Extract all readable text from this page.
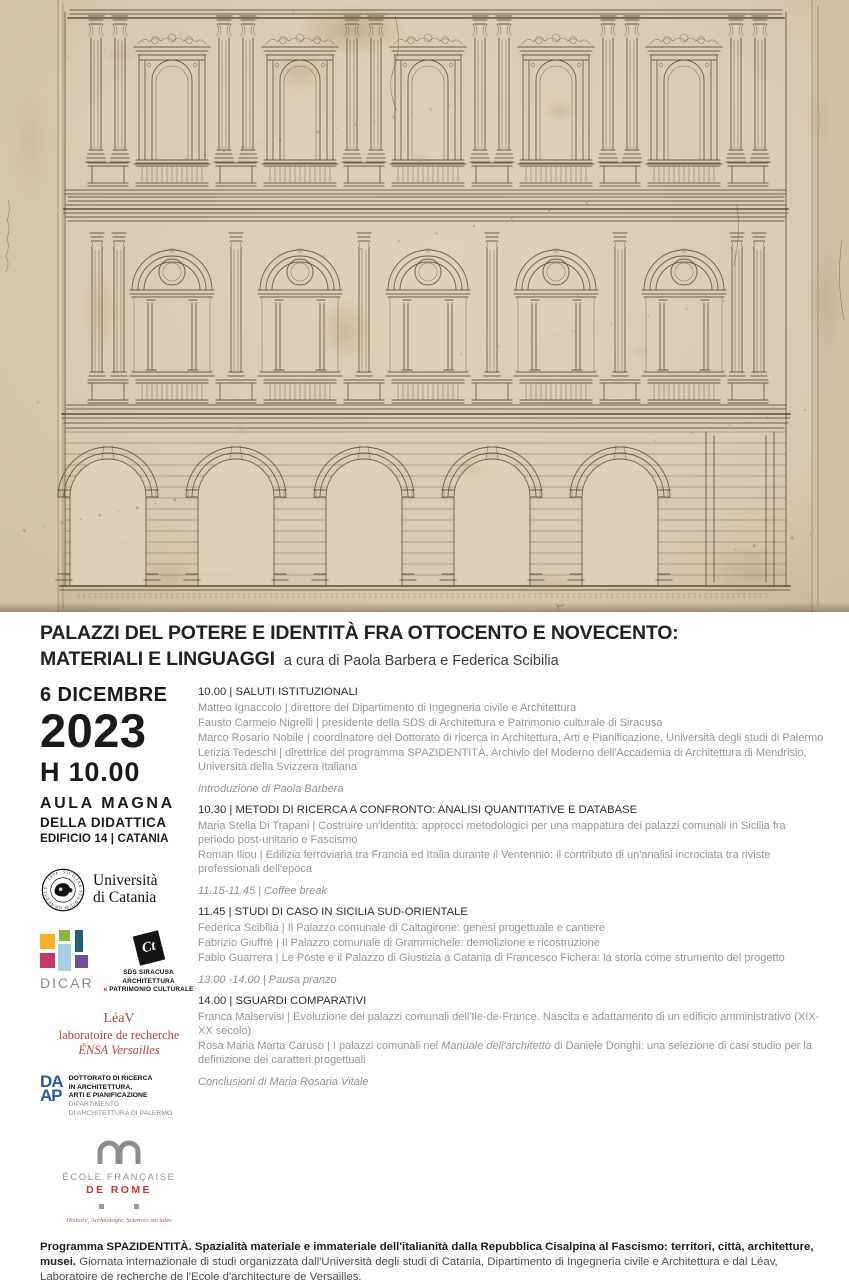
PALAZZI DEL POTERE E IDENTITÀ FRA OTTOCENTO E NOVECENTO:
MATERIALI E LINGUAGGI a cura di Paola Barbera e Federica Scibilia
6 DICEMBRE
2023
H 10.00
AULA MAGNA
DELLA DIDATTICA
EDIFICIO 14 | CATANIA
SICILIAE STUDIUM GENERALE · 1434 ·
Università
di Catania
DICAR
Ct
SDS SIRACUSA
ARCHITETTURA
e PATRIMONIO CULTURALE
LéaV
laboratoire de recherche
ÉNSA Versailles
DA
AP
DOTTORATO DI RICERCA
IN ARCHITETTURA,
ARTI E PIANIFICAZIONE
DIPARTIMENTO
DI ARCHITETTURA DI PALERMO
ÉCOLE FRANÇAISE
DE ROME
Histoire, Archéologie, Sciences sociales
10.00 | SALUTI ISTITUZIONALI
Matteo Ignaccolo | direttore del Dipartimento di Ingegneria civile e Architettura
Fausto Carmelo Nigrelli | presidente della SDS di Architettura e Patrimonio culturale di Siracusa
Marco Rosario Nobile | coordinatore del Dottorato di ricerca in Architettura, Arti e Pianificazione, Università degli studi di Palermo
Letizia Tedeschi | direttrice del programma SPAZIDENTITÀ, Archivio del Moderno dell'Accademia di Architettura di Mendrisio, Università della Svizzera Italiana
Introduzione di Paola Barbera
10.30 | METODI DI RICERCA A CONFRONTO: ANALISI QUANTITATIVE E DATABASE
Maria Stella Di Trapani | Costruire un'identità: approcci metodologici per una mappatura dei palazzi comunali in Sicilia fra periodo post-unitario e Fascismo
Roman Iliou | Edilizia ferroviaria tra Francia ed Italia durante il Ventennio: il contributo di un'analisi incrociata tra riviste professionali dell'epoca
11.15-11.45 | Coffee break
11.45 | STUDI DI CASO IN SICILIA SUD-ORIENTALE
Federica Scibilia | Il Palazzo comunale di Caltagirone: genesi progettuale e cantiere
Fabrizio Giuffré | Il Palazzo comunale di Grammichele: demolizione e ricostruzione
Fabio Guarrera | Le Poste e il Palazzo di Giustizia a Catania di Francesco Fichera: la storia come strumento del progetto
13.00 -14.00 | Pausa pranzo
14.00 | SGUARDI COMPARATIVI
Franca Malservisi | Evoluzione dei palazzi comunali dell'Ile-de-France. Nascita e adattamento di un edificio amministrativo (XIX-XX secolo)
Rosa Maria Marta Caruso | I palazzi comunali nel Manuale dell'architetto di Daniele Donghi: una selezione di casi studio per la definizione dei caratteri progettuali
Conclusioni di Maria Rosaria Vitale

Programma SPAZIDENTITÀ. Spazialità materiale e immateriale dell'italianità dalla Repubblica Cisalpina al Fascismo: territori, città, architetture, musei. Giornata internazionale di studi organizzata dall'Università degli studi di Catania, Dipartimento di Ingegneria civile e Architettura e dal Léav, Laboratoire de recherche de l'Ecole d'architecture de Versailles.
